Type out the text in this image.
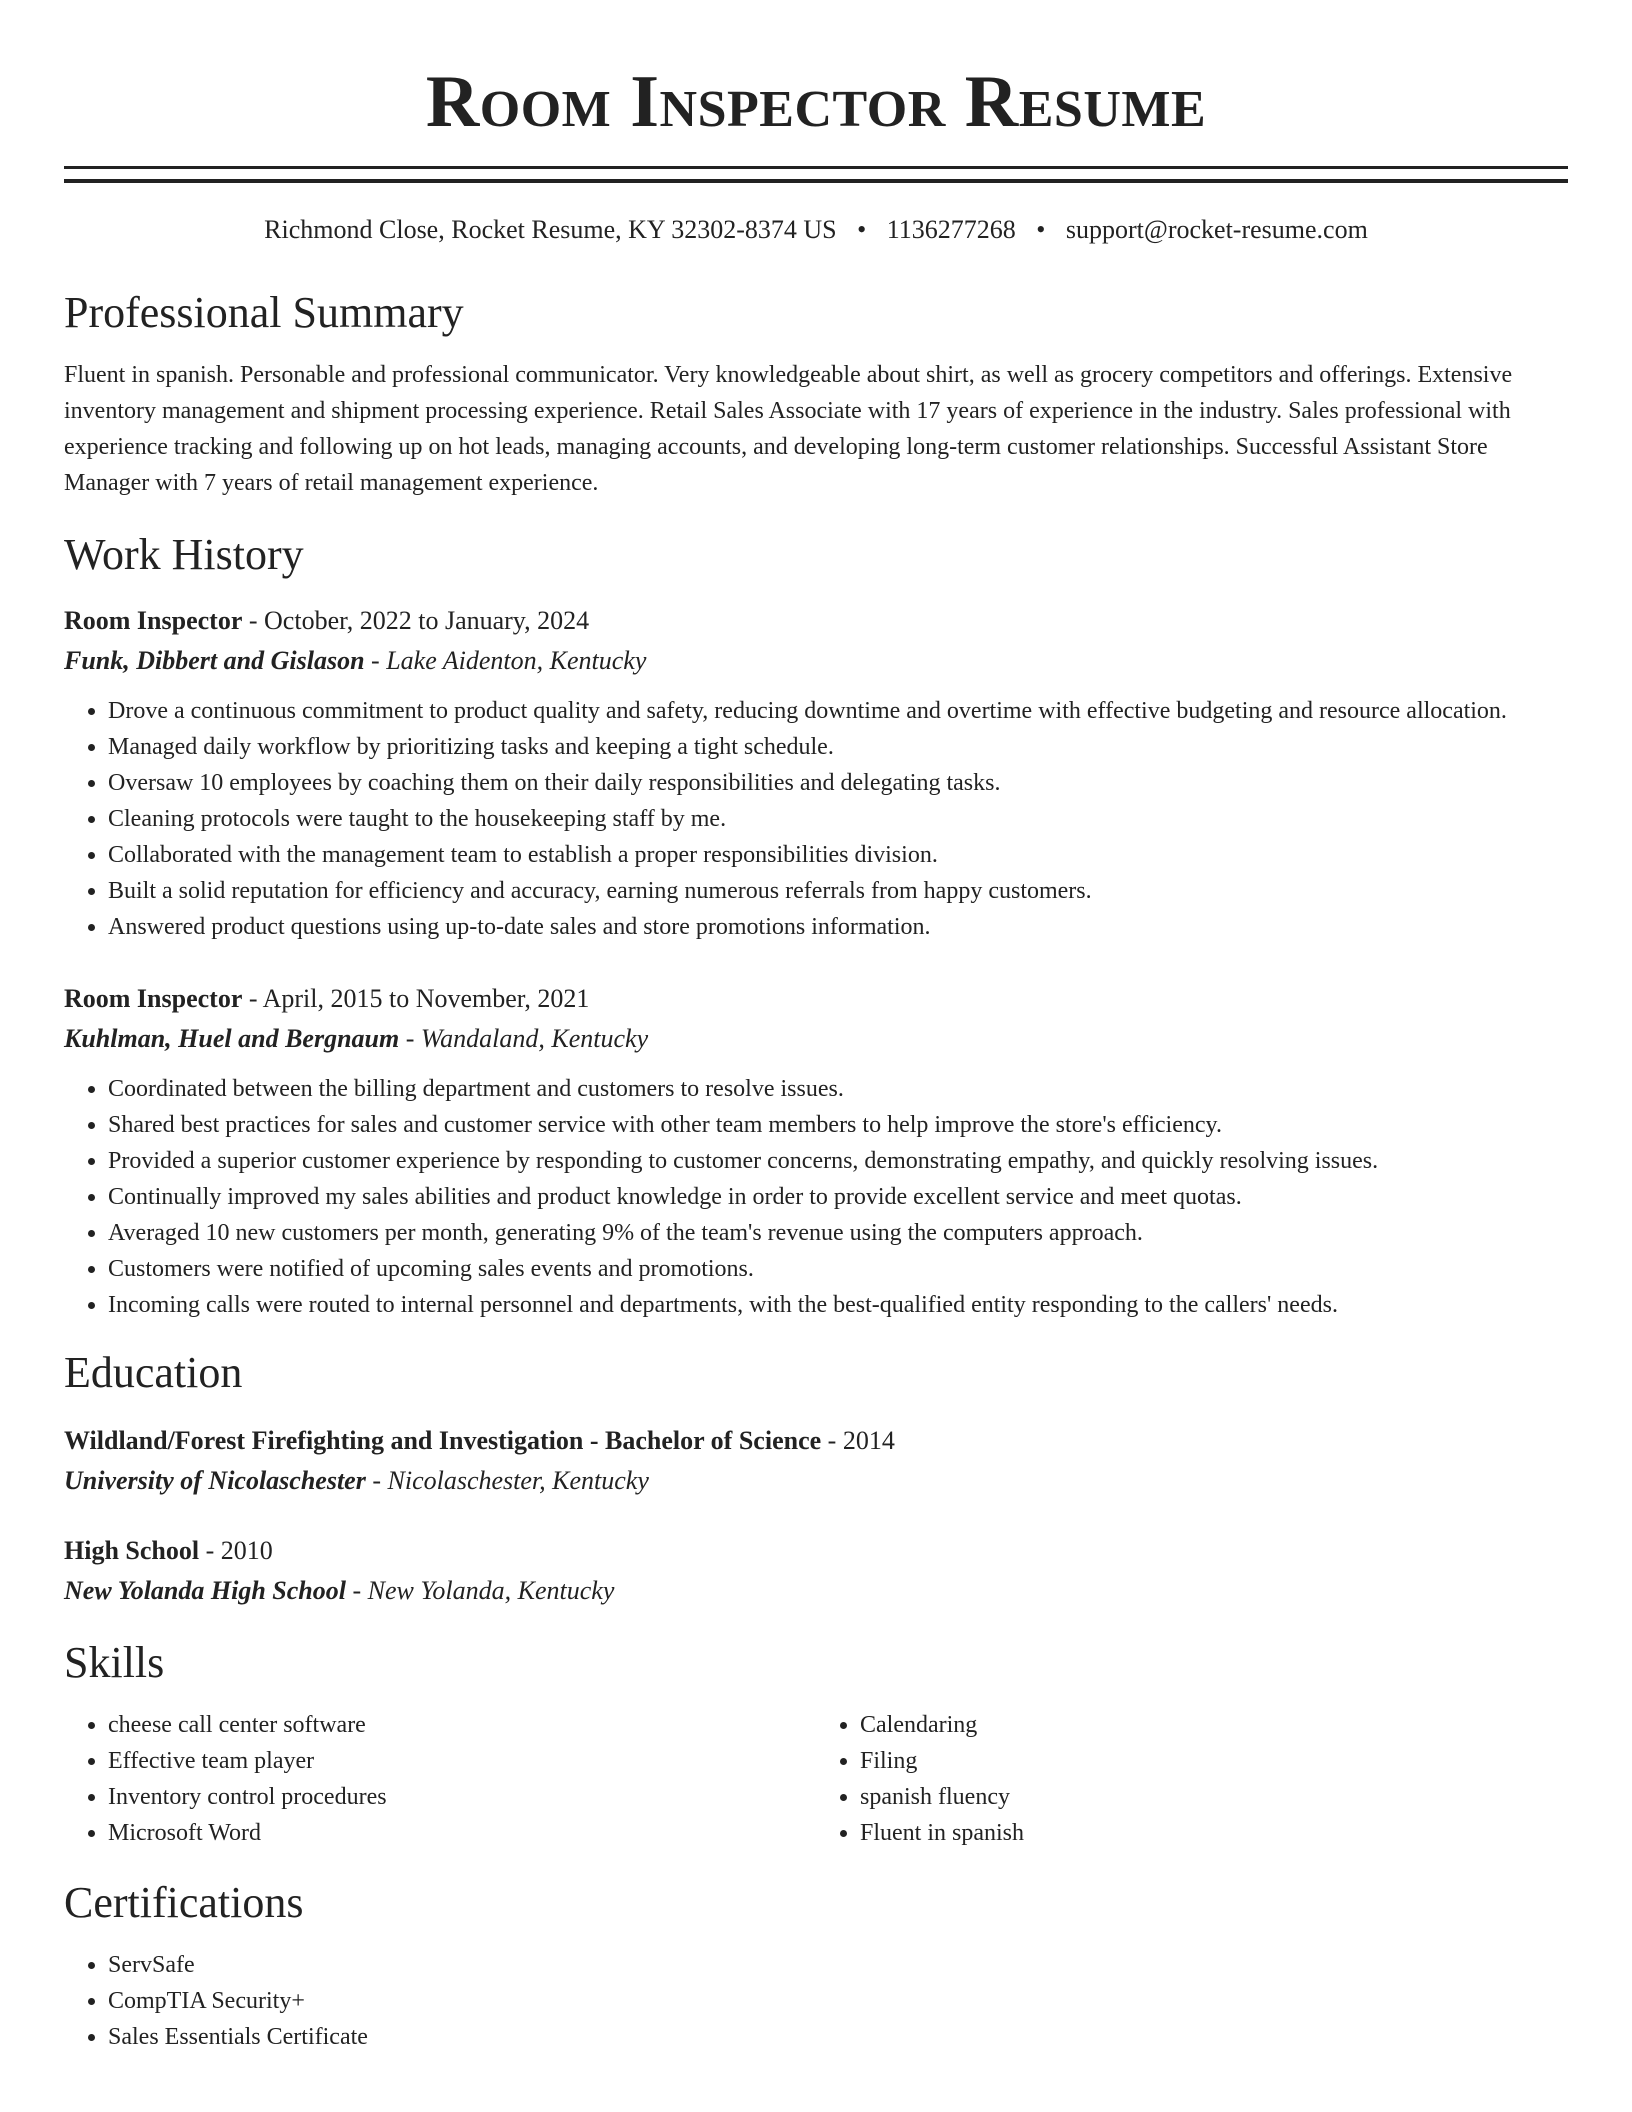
Room Inspector Resume
Richmond Close, Rocket Resume, KY 32302-8374 US • 1136277268 • support@rocket-resume.com
Professional Summary

Fluent in spanish. Personable and professional communicator. Very knowledgeable about shirt, as well as grocery competitors and offerings. Extensive inventory management and shipment processing experience. Retail Sales Associate with 17 years of experience in the industry. Sales professional with experience tracking and following up on hot leads, managing accounts, and developing long-term customer relationships. Successful Assistant Store Manager with 7 years of retail management experience.

Work History
Room Inspector - October, 2022 to January, 2024
Funk, Dibbert and Gislason - Lake Aidenton, Kentucky
• Drove a continuous commitment to product quality and safety, reducing downtime and overtime with effective budgeting and resource allocation.
• Managed daily workflow by prioritizing tasks and keeping a tight schedule.
• Oversaw 10 employees by coaching them on their daily responsibilities and delegating tasks.
• Cleaning protocols were taught to the housekeeping staff by me.
• Collaborated with the management team to establish a proper responsibilities division.
• Built a solid reputation for efficiency and accuracy, earning numerous referrals from happy customers.
• Answered product questions using up-to-date sales and store promotions information.
Room Inspector - April, 2015 to November, 2021
Kuhlman, Huel and Bergnaum - Wandaland, Kentucky
• Coordinated between the billing department and customers to resolve issues.
• Shared best practices for sales and customer service with other team members to help improve the store's efficiency.
• Provided a superior customer experience by responding to customer concerns, demonstrating empathy, and quickly resolving issues.
• Continually improved my sales abilities and product knowledge in order to provide excellent service and meet quotas.
• Averaged 10 new customers per month, generating 9% of the team's revenue using the computers approach.
• Customers were notified of upcoming sales events and promotions.
• Incoming calls were routed to internal personnel and departments, with the best-qualified entity responding to the callers' needs.
Education
Wildland/Forest Firefighting and Investigation - Bachelor of Science - 2014
University of Nicolaschester - Nicolaschester, Kentucky
High School - 2010
New Yolanda High School - New Yolanda, Kentucky
Skills
• cheese call center software
• Effective team player
• Inventory control procedures
• Microsoft Word
• Calendaring
• Filing
• spanish fluency
• Fluent in spanish
Certifications
• ServSafe
• CompTIA Security+
• Sales Essentials Certificate
